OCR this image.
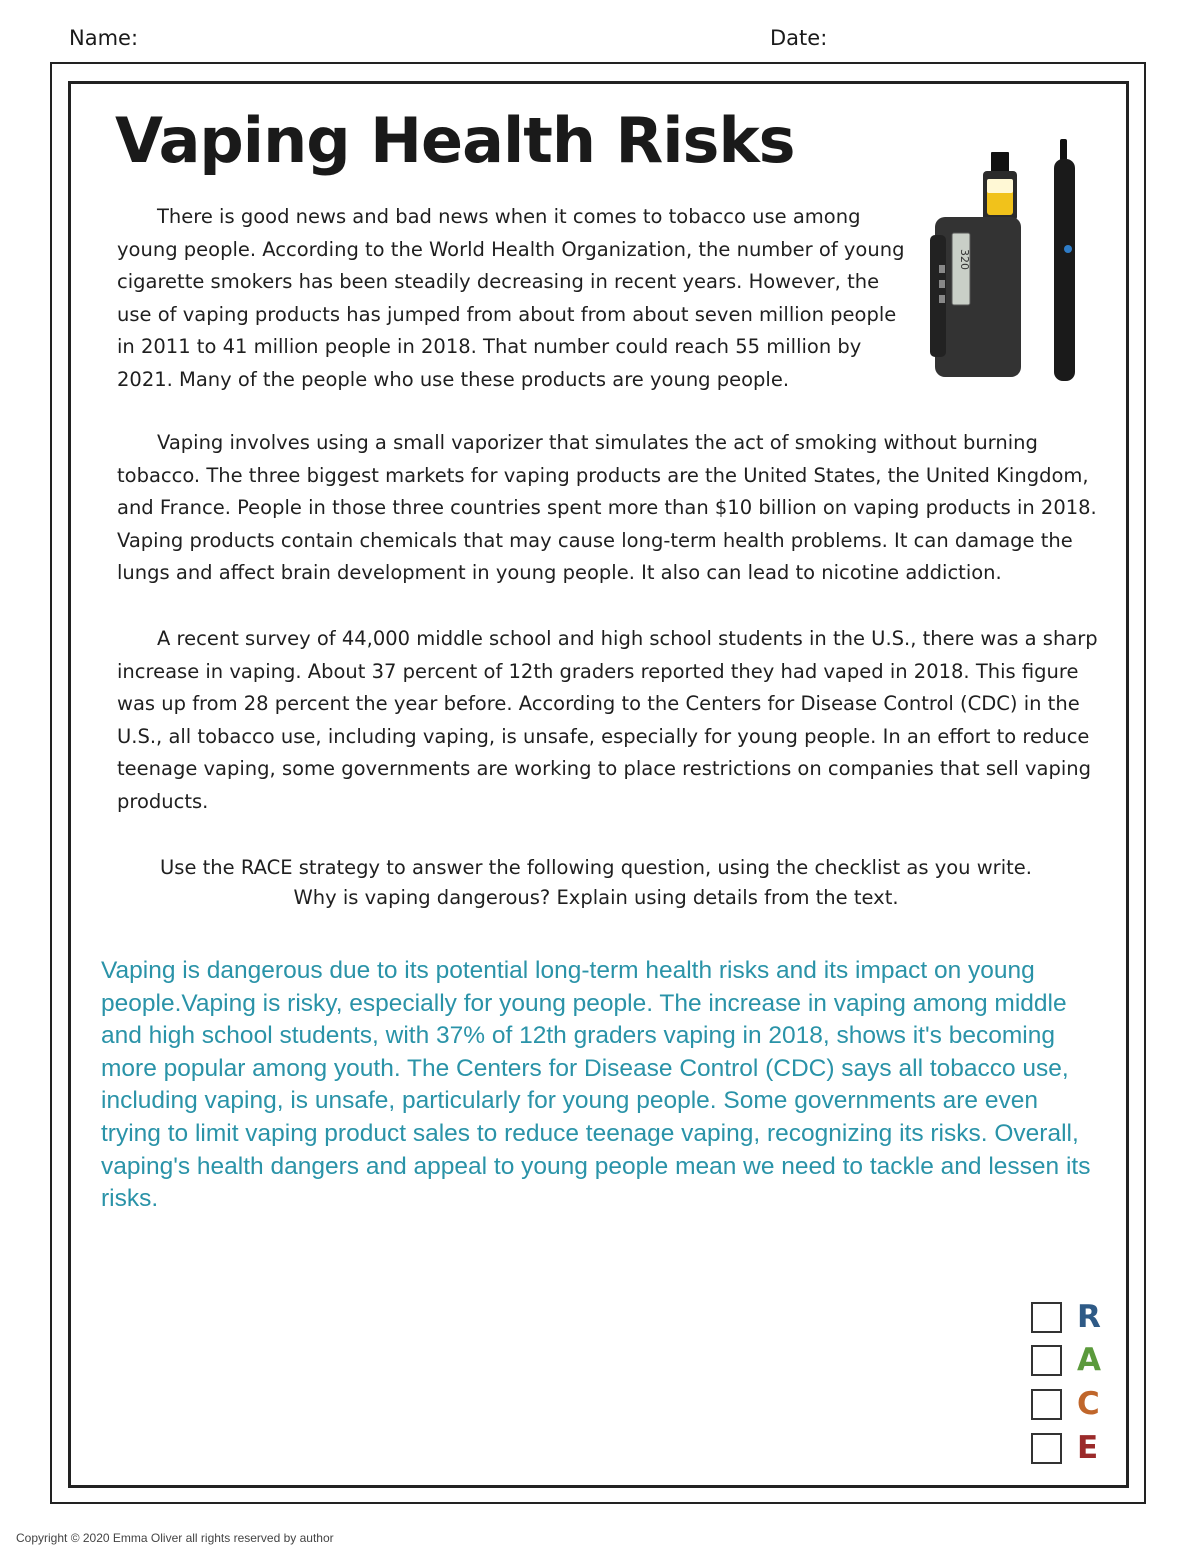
Name:	Date:
Vaping Health Risks
320

There is good news and bad news when it comes to tobacco use among young people. According to the World Health Organization, the number of young cigarette smokers has been steadily decreasing in recent years. However, the use of vaping products has jumped from about from about seven million people in 2011 to 41 million people in 2018. That number could reach 55 million by 2021. Many of the people who use these products are young people.

Vaping involves using a small vaporizer that simulates the act of smoking without burning tobacco. The three biggest markets for vaping products are the United States, the United Kingdom, and France. People in those three countries spent more than $10 billion on vaping products in 2018. Vaping products contain chemicals that may cause long-term health problems. It can damage the lungs and affect brain development in young people. It also can lead to nicotine addiction.

A recent survey of 44,000 middle school and high school students in the U.S., there was a sharp increase in vaping. About 37 percent of 12th graders reported they had vaped in 2018. This figure was up from 28 percent the year before. According to the Centers for Disease Control (CDC) in the U.S., all tobacco use, including vaping, is unsafe, especially for young people. In an effort to reduce teenage vaping, some governments are working to place restrictions on companies that sell vaping products.

Use the RACE strategy to answer the following question, using the checklist as you write.
Why is vaping dangerous? Explain using details from the text.
Vaping is dangerous due to its potential long-term health risks and its impact on young people.Vaping is risky, especially for young people. The increase in vaping among middle and high school students, with 37% of 12th graders vaping in 2018, shows it's becoming more popular among youth. The Centers for Disease Control (CDC) says all tobacco use, including vaping, is unsafe, particularly for young people. Some governments are even trying to limit vaping product sales to reduce teenage vaping, recognizing its risks. Overall, vaping's health dangers and appeal to young people mean we need to tackle and lessen its risks.
R
A
C
E
Copyright © 2020 Emma Oliver all rights reserved by author
